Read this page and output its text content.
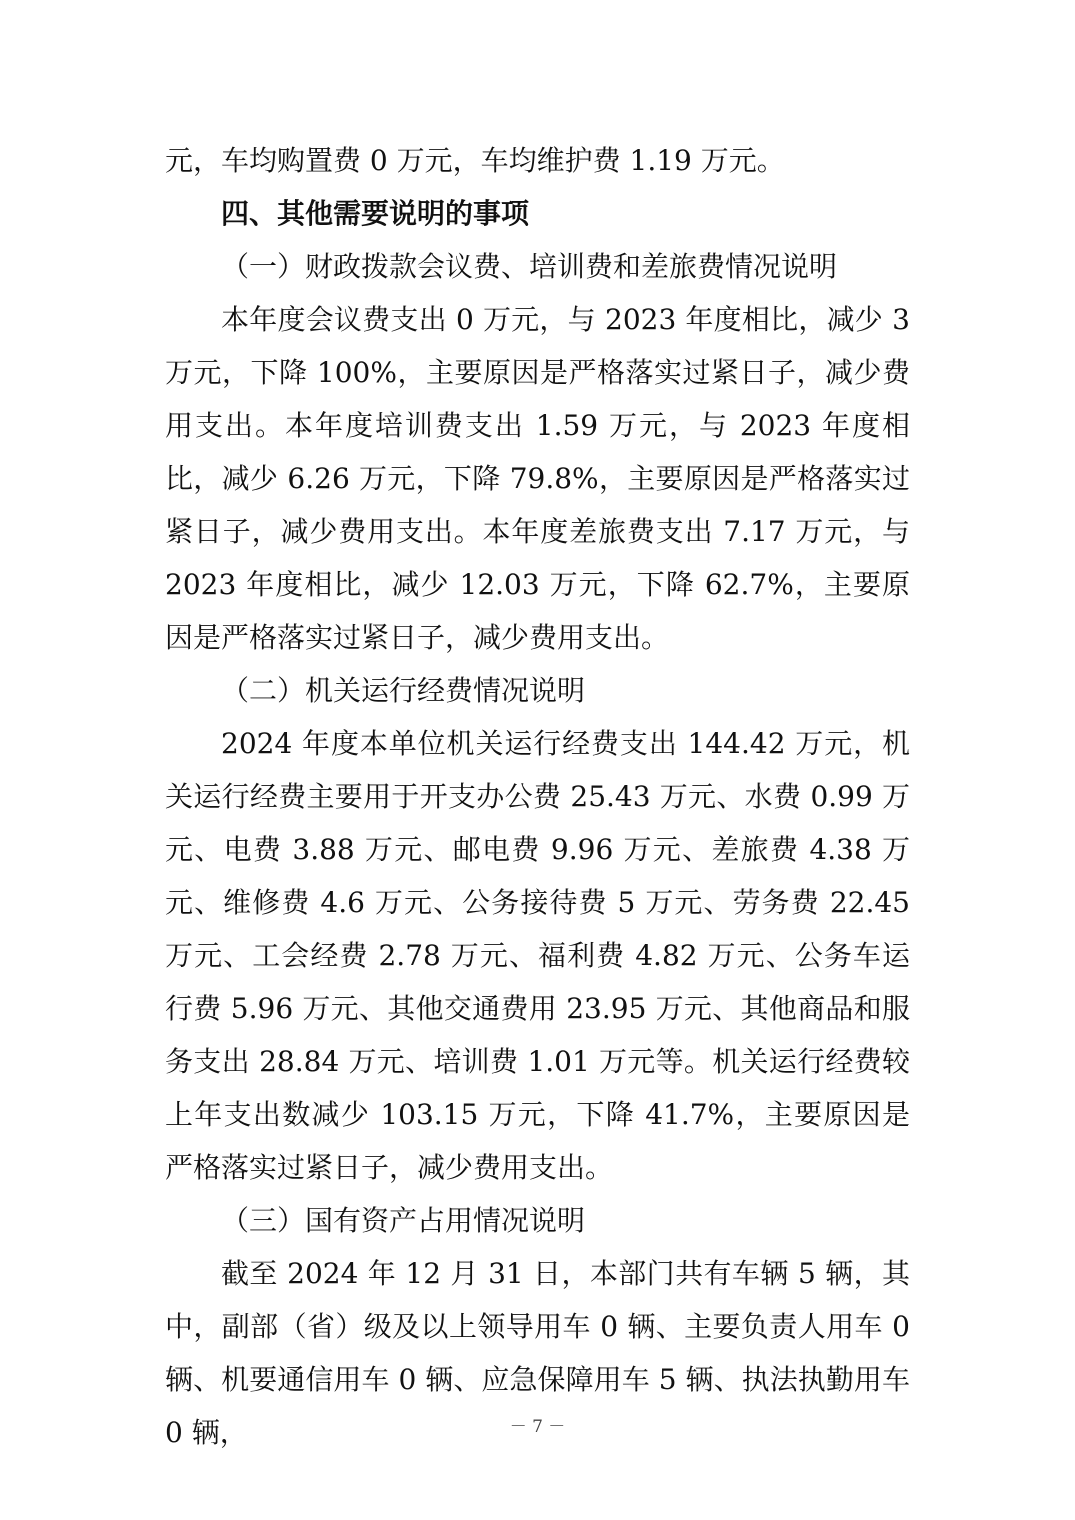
元，车均购置费 0 万元，车均维护费 1.19 万元。

四、其他需要说明的事项

（一）财政拨款会议费、培训费和差旅费情况说明

本年度会议费支出 0 万元，与 2023 年度相比，减少 3 万元，下降 100%，主要原因是严格落实过紧日子，减少费用支出。本年度培训费支出 1.59 万元，与 2023 年度相比，减少 6.26 万元，下降 79.8%，主要原因是严格落实过紧日子，减少费用支出。本年度差旅费支出 7.17 万元，与 2023 年度相比，减少 12.03 万元，下降 62.7%，主要原因是严格落实过紧日子，减少费用支出。

（二）机关运行经费情况说明

2024 年度本单位机关运行经费支出 144.42 万元，机关运行经费主要用于开支办公费 25.43 万元、水费 0.99 万元、电费 3.88 万元、邮电费 9.96 万元、差旅费 4.38 万元、维修费 4.6 万元、公务接待费 5 万元、劳务费 22.45 万元、工会经费 2.78 万元、福利费 4.82 万元、公务车运行费 5.96 万元、其他交通费用 23.95 万元、其他商品和服务支出 28.84 万元、培训费 1.01 万元等。机关运行经费较上年支出数减少 103.15 万元，下降 41.7%，主要原因是严格落实过紧日子，减少费用支出。

（三）国有资产占用情况说明

截至 2024 年 12 月 31 日，本部门共有车辆 5 辆，其中，副部（省）级及以上领导用车 0 辆、主要负责人用车 0 辆、机要通信用车 0 辆、应急保障用车 5 辆、执法执勤用车 0 辆，	－ 7 －
